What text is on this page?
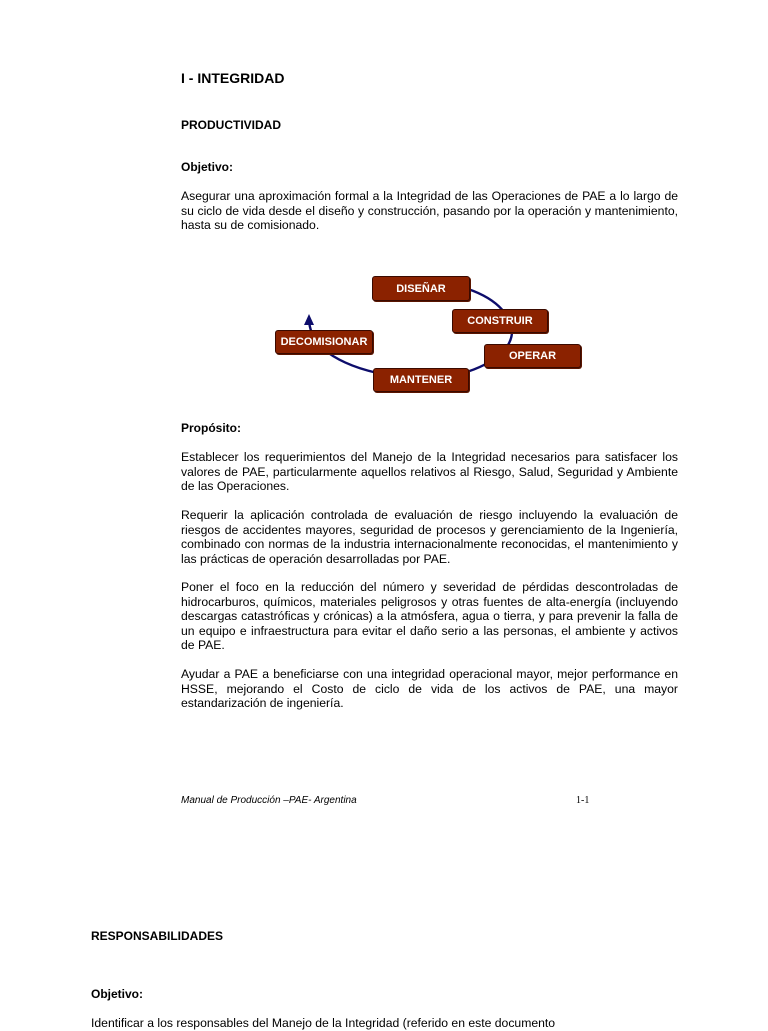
I - INTEGRIDAD
PRODUCTIVIDAD
Objetivo:
Asegurar una aproximación formal a la Integridad de las Operaciones de PAE a lo largo de su ciclo de vida desde el diseño y construcción, pasando por la operación y mantenimiento, hasta su de comisionado.
DISEÑAR
CONSTRUIR
OPERAR
MANTENER
DECOMISIONAR
Propósito:
Establecer los requerimientos del Manejo de la Integridad necesarios para satisfacer los valores de PAE, particularmente aquellos relativos al Riesgo, Salud, Seguridad y Ambiente de las Operaciones.
Requerir la aplicación controlada de evaluación de riesgo incluyendo la evaluación de riesgos de accidentes mayores, seguridad de procesos y gerenciamiento de la Ingeniería, combinado con normas de la industria internacionalmente reconocidas, el mantenimiento y las prácticas de operación desarrolladas por PAE.
Poner el foco en la reducción del número y severidad de pérdidas descontroladas de hidrocarburos, químicos, materiales peligrosos y otras fuentes de alta-energía (incluyendo descargas catastróficas y crónicas) a la atmósfera, agua o tierra, y para prevenir la falla de un equipo e infraestructura para evitar el daño serio a las personas, el ambiente y activos de PAE.
Ayudar a PAE a beneficiarse con una integridad operacional mayor, mejor performance en HSSE, mejorando el Costo de ciclo de vida de los activos de PAE, una mayor estandarización de ingeniería.
Manual de Producción –PAE- Argentina	1-1
RESPONSABILIDADES
Objetivo:
Identificar a los responsables del Manejo de la Integridad (referido en este documento
